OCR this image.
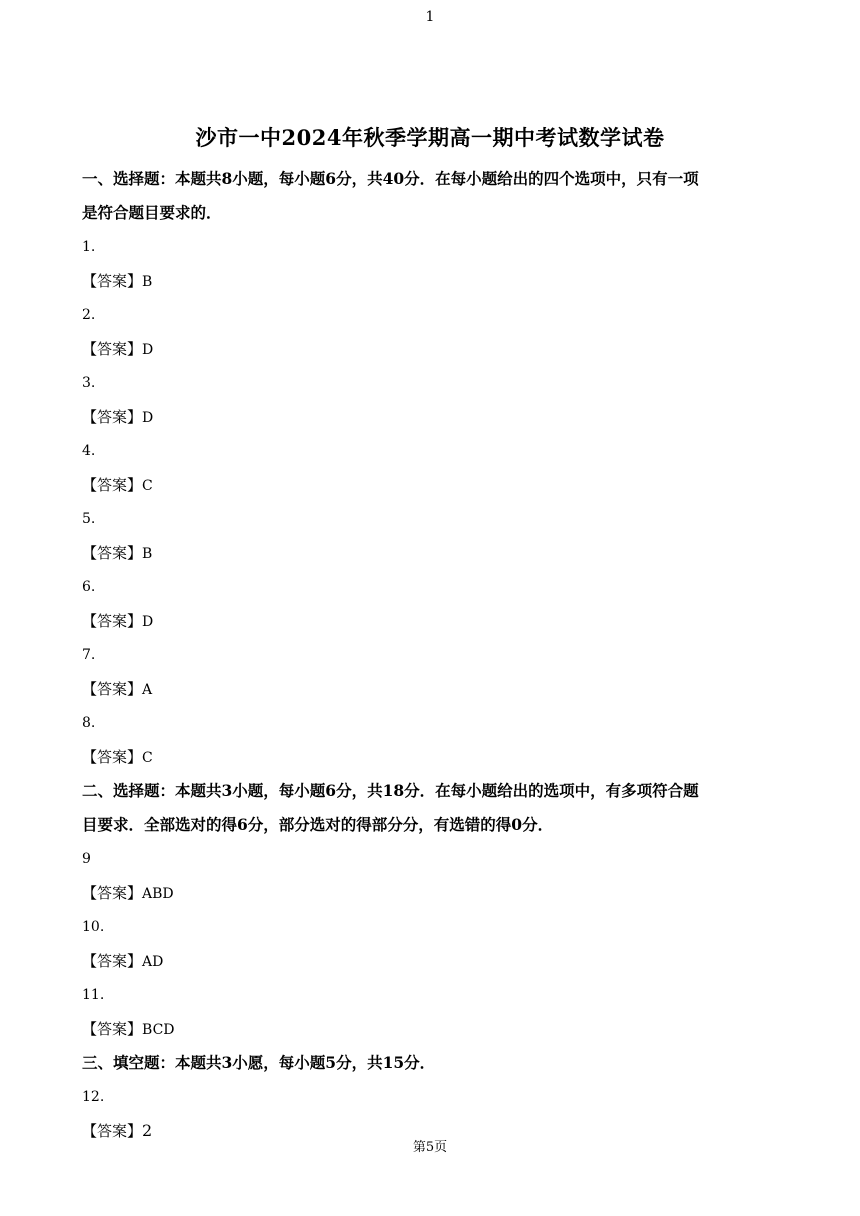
1
沙市一中2024年秋季学期高一期中考试数学试卷
一、选择题：本题共8小题，每小题6分，共40分．在每小题给出的四个选项中，只有一项
是符合题目要求的．
1.
【答案】B
2.
【答案】D
3.
【答案】D
4.
【答案】C
5.
【答案】B
6.
【答案】D
7.
【答案】A
8.
【答案】C
二、选择题：本题共3小题，每小题6分，共18分．在每小题给出的选项中，有多项符合题
目要求．全部选对的得6分，部分选对的得部分分，有选错的得0分．
9
【答案】ABD
10.
【答案】AD
11.
【答案】BCD
三、填空题：本题共3小愿，每小题5分，共15分．
12.
【答案】2
第5页
